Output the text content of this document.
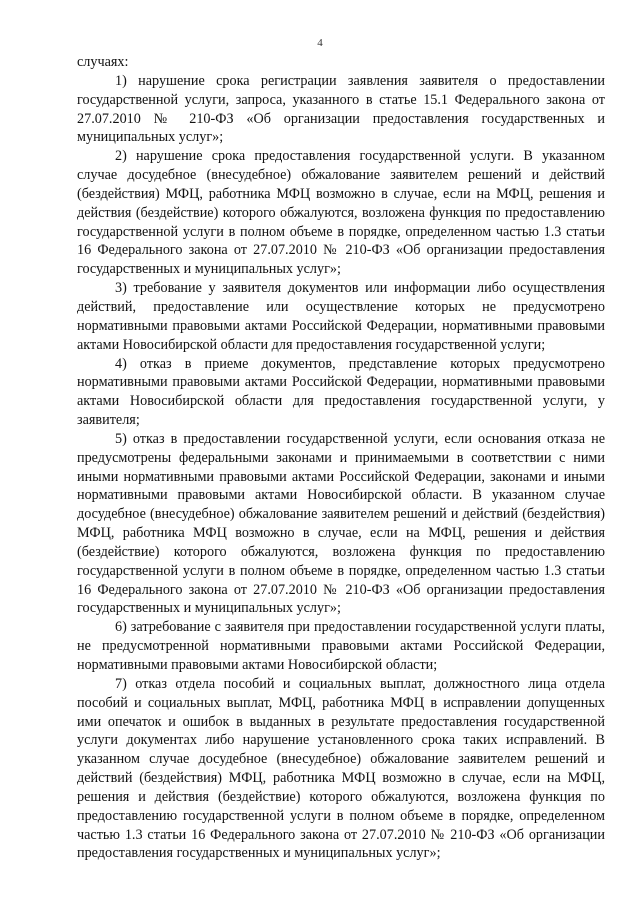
4

случаях:

1) нарушение срока регистрации заявления заявителя о предоставлении государственной услуги, запроса, указанного в статье 15.1 Федерального закона от 27.07.2010 № 210-ФЗ «Об организации предоставления государственных и муниципальных услуг»;

2) нарушение срока предоставления государственной услуги. В указанном случае досудебное (внесудебное) обжалование заявителем решений и действий (бездействия) МФЦ, работника МФЦ возможно в случае, если на МФЦ, решения и действия (бездействие) которого обжалуются, возложена функция по предоставлению государственной услуги в полном объеме в порядке, определенном частью 1.3 статьи 16 Федерального закона от 27.07.2010 № 210-ФЗ «Об организации предоставления государственных и муниципальных услуг»;

3) требование у заявителя документов или информации либо осуществления действий, предоставление или осуществление которых не предусмотрено нормативными правовыми актами Российской Федерации, нормативными правовыми актами Новосибирской области для предоставления государственной услуги;

4) отказ в приеме документов, представление которых предусмотрено нормативными правовыми актами Российской Федерации, нормативными правовыми актами Новосибирской области для предоставления государственной услуги, у заявителя;

5) отказ в предоставлении государственной услуги, если основания отказа не предусмотрены федеральными законами и принимаемыми в соответствии с ними иными нормативными правовыми актами Российской Федерации, законами и иными нормативными правовыми актами Новосибирской области. В указанном случае досудебное (внесудебное) обжалование заявителем решений и действий (бездействия) МФЦ, работника МФЦ возможно в случае, если на МФЦ, решения и действия (бездействие) которого обжалуются, возложена функция по предоставлению государственной услуги в полном объеме в порядке, определенном частью 1.3 статьи 16 Федерального закона от 27.07.2010 № 210-ФЗ «Об организации предоставления государственных и муниципальных услуг»;

6) затребование с заявителя при предоставлении государственной услуги платы, не предусмотренной нормативными правовыми актами Российской Федерации, нормативными правовыми актами Новосибирской области;

7) отказ отдела пособий и социальных выплат, должностного лица отдела пособий и социальных выплат, МФЦ, работника МФЦ в исправлении допущенных ими опечаток и ошибок в выданных в результате предоставления государственной услуги документах либо нарушение установленного срока таких исправлений. В указанном случае досудебное (внесудебное) обжалование заявителем решений и действий (бездействия) МФЦ, работника МФЦ возможно в случае, если на МФЦ, решения и действия (бездействие) которого обжалуются, возложена функция по предоставлению государственной услуги в полном объеме в порядке, определенном частью 1.3 статьи 16 Федерального закона от 27.07.2010 № 210-ФЗ «Об организации предоставления государственных и муниципальных услуг»;
